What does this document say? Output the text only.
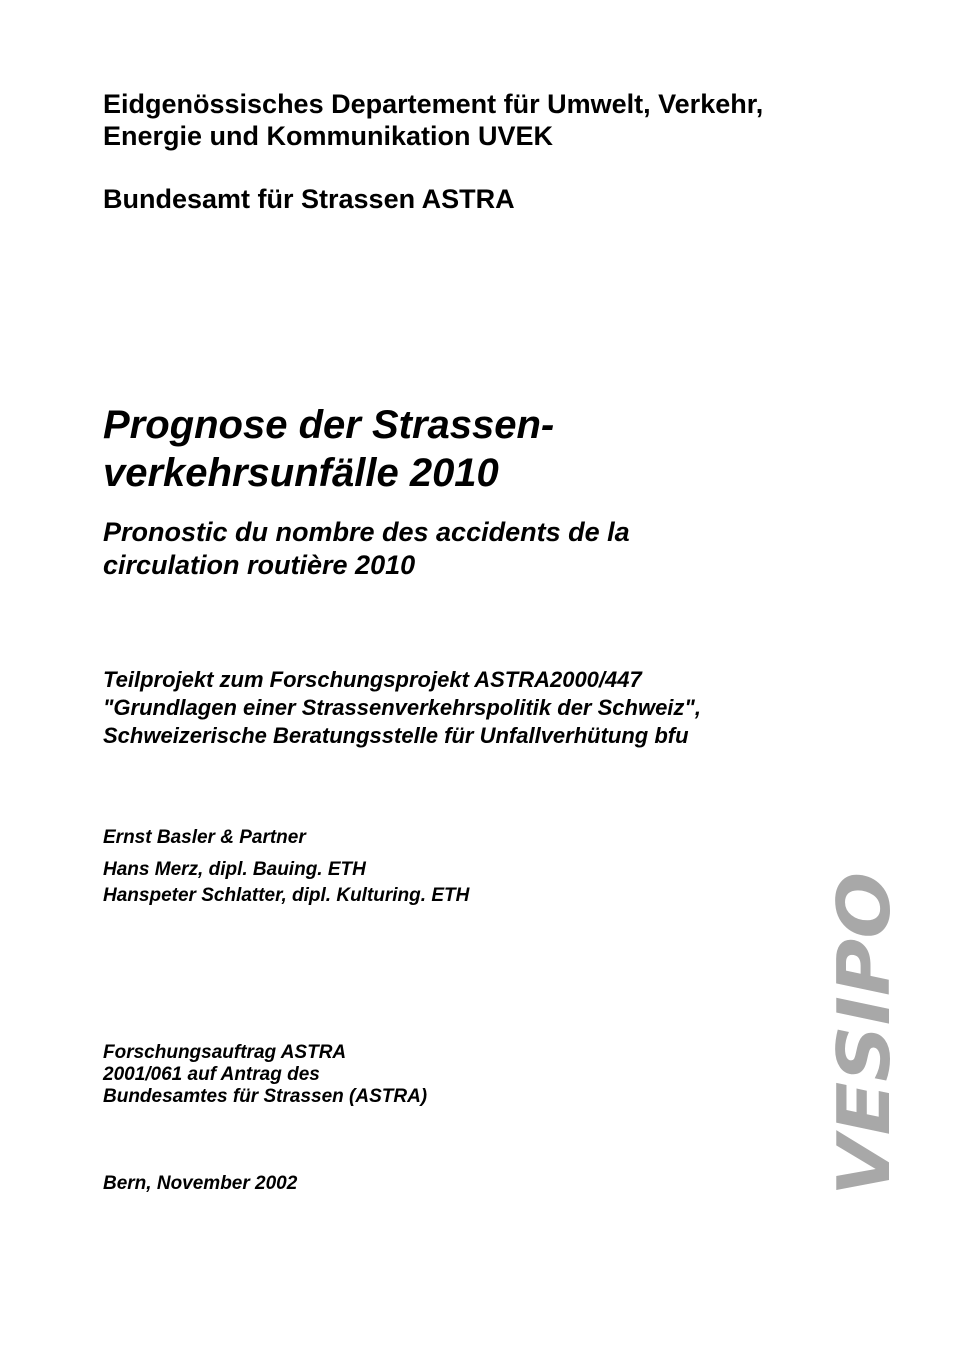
Eidgenössisches Departement für Umwelt, Verkehr,

Energie und Kommunikation UVEK

Bundesamt für Strassen ASTRA

Prognose der Strassen-

verkehrsunfälle 2010

Pronostic du nombre des accidents de la

circulation routière 2010

Teilprojekt zum Forschungsprojekt ASTRA2000/447

"Grundlagen einer Strassenverkehrspolitik der Schweiz",

Schweizerische Beratungsstelle für Unfallverhütung bfu

Ernst Basler & Partner

Hans Merz, dipl. Bauing. ETH

Hanspeter Schlatter, dipl. Kulturing. ETH

Forschungsauftrag ASTRA

2001/061 auf Antrag des

Bundesamtes für Strassen (ASTRA)

Bern, November 2002	VESIPO
